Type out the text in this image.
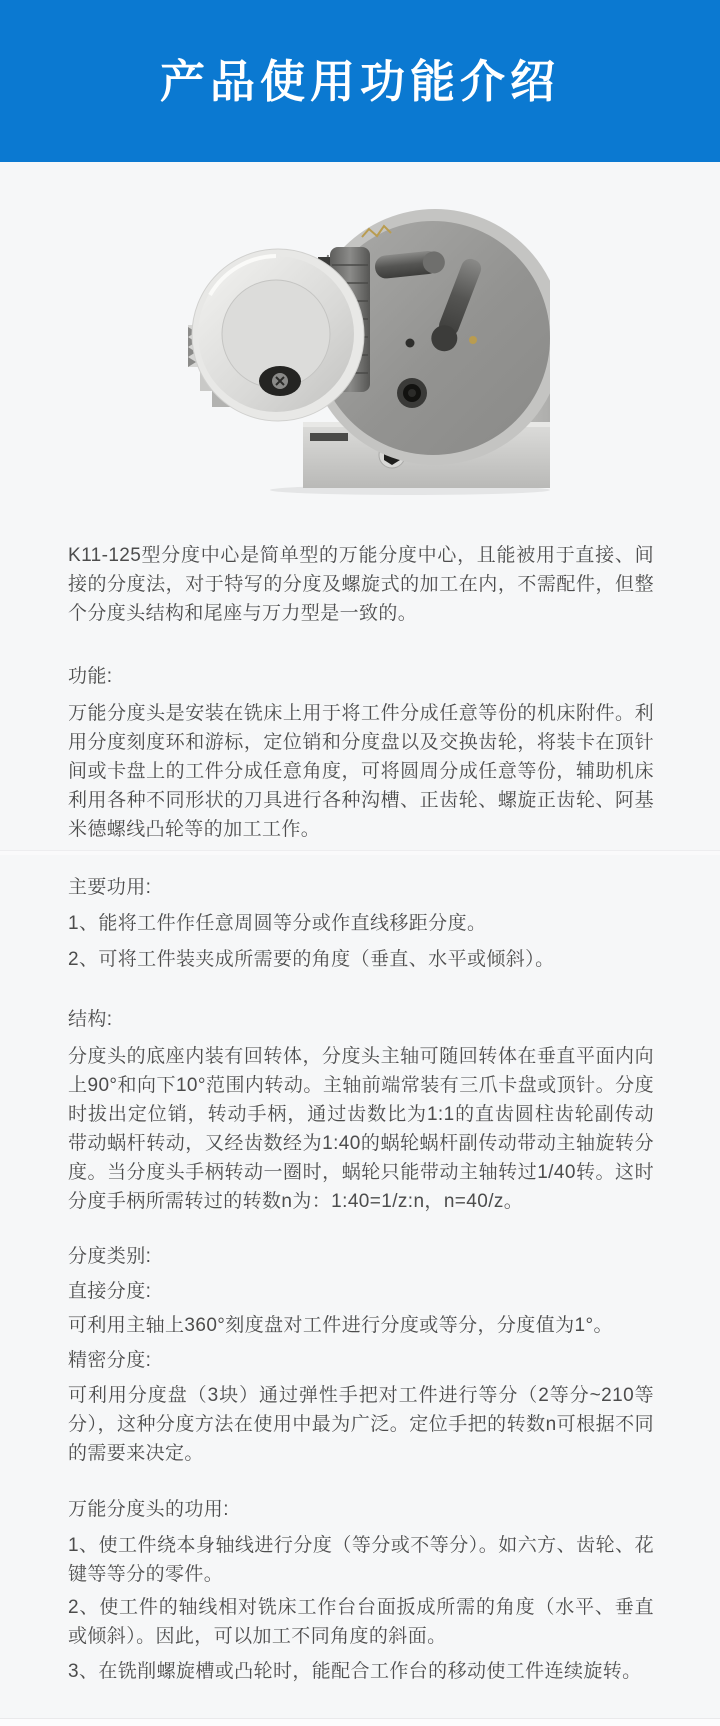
产品使用功能介绍
K11-125型分度中心是简单型的万能分度中心，且能被用于直接、间接的分度法，对于特写的分度及螺旋式的加工在内，不需配件，但整个分度头结构和尾座与万力型是一致的。
功能:
万能分度头是安装在铣床上用于将工件分成任意等份的机床附件。利用分度刻度环和游标，定位销和分度盘以及交换齿轮，将装卡在顶针间或卡盘上的工件分成任意角度，可将圆周分成任意等份，辅助机床利用各种不同形状的刀具进行各种沟槽、正齿轮、螺旋正齿轮、阿基米德螺线凸轮等的加工工作。
主要功用:
1、能将工件作任意周圆等分或作直线移距分度。
2、可将工件装夹成所需要的角度（垂直、水平或倾斜）。
结构:
分度头的底座内装有回转体，分度头主轴可随回转体在垂直平面内向上90°和向下10°范围内转动。主轴前端常装有三爪卡盘或顶针。分度时拔出定位销，转动手柄，通过齿数比为1:1的直齿圆柱齿轮副传动带动蜗杆转动，又经齿数经为1:40的蜗轮蜗杆副传动带动主轴旋转分度。当分度头手柄转动一圈时，蜗轮只能带动主轴转过1/40转。这时分度手柄所需转过的转数n为：1:40=1/z:n，n=40/z。
分度类别:
直接分度:
可利用主轴上360°刻度盘对工件进行分度或等分，分度值为1°。
精密分度:
可利用分度盘（3块）通过弹性手把对工件进行等分（2等分~210等分），这种分度方法在使用中最为广泛。定位手把的转数n可根据不同的需要来决定。
万能分度头的功用:
1、使工件绕本身轴线进行分度（等分或不等分）。如六方、齿轮、花键等等分的零件。
2、使工件的轴线相对铣床工作台台面扳成所需的角度（水平、垂直或倾斜）。因此，可以加工不同角度的斜面。
3、在铣削螺旋槽或凸轮时，能配合工作台的移动使工件连续旋转。
